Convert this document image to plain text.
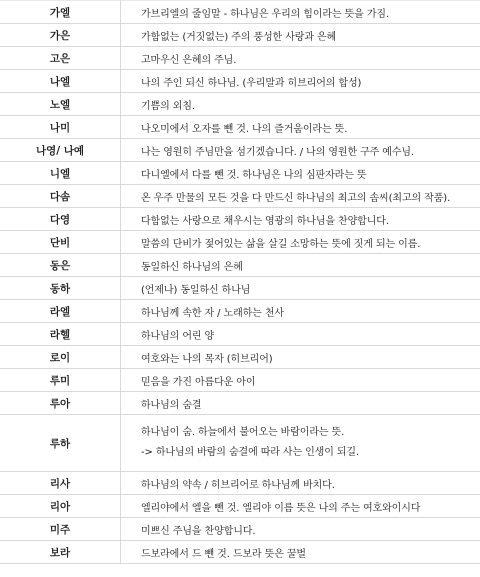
가엘	가브리엘의 줄임말 - 하나님은 우리의 힘이라는 뜻을 가짐.
가은	가함없는 (거짓없는) 주의 풍성한 사랑과 은혜
고은	고마우신 은혜의 주님.
나엘	나의 주인 되신 하나님. (우리말과 히브리어의 합성)
노엘	기쁨의 외침.
나미	나오미에서 오자를 뺀 것. 나의 즐거움이라는 뜻.
나영/ 나예	나는 영원히 주님만을 섬기겠습니다. / 나의 영원한 구주 예수님.
니엘	다니엘에서 다를 뺀 것. 하나님은 나의 심판자라는 뜻
다솜	온 우주 만물의 모든 것을 다 만드신 하나님의 최고의 솜씨(최고의 작품).
다영	다함없는 사랑으로 채우시는 영광의 하나님을 찬양합니다.
단비	말씀의 단비가 젖어있는 삶을 살길 소망하는 뜻에 짓게 되는 이름.
동은	동일하신 하나님의 은혜
동하	(언제나) 동일하신 하나님
라엘	하나님께 속한 자 / 노래하는 천사
라헬	하나님의 어린 양
로이	여호와는 나의 목자 (히브리어)
루미	믿음을 가진 아름다운 아이
루아	하나님의 숨결
루하	하나님이 숨. 하늘에서 불어오는 바람이라는 뜻.
-> 하나님의 바람의 숨결에 따라 사는 인생이 되길.

리사	하나님의 약속 / 히브리어로 하나님께 바치다.
리아	엘리야에서 엘을 뺀 것. 엘리야 이름 뜻은 나의 주는 여호와이시다
미주	미쁘신 주님을 찬양합니다.
보라	드보라에서 드 뺀 것. 드보라 뜻은 꿀벌
